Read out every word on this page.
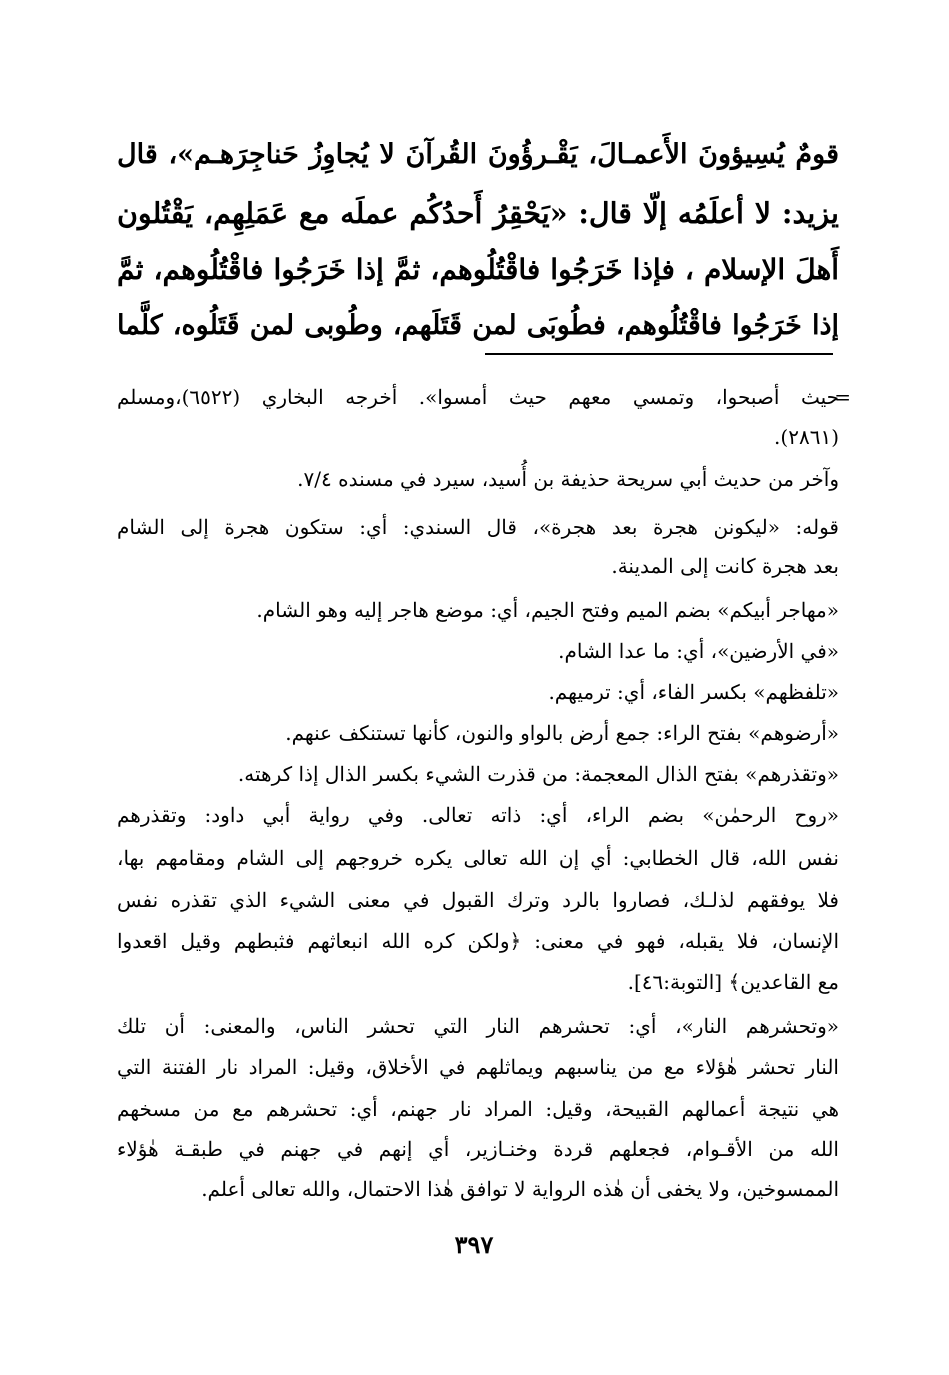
قومٌ يُسِيؤونَ الأَعمـالَ، يَقْـرؤُونَ القُرآنَ لا يُجاوِزُ حَناجِرَهـم»، قال
يزيد: لا أعلَمُه إلّا قال: «يَحْقِرُ أَحدُكُم عملَه مع عَمَلِهِم، يَقْتُلون
أَهلَ الإسلام ، فإذا خَرَجُوا فاقْتُلُوهم، ثمَّ إذا خَرَجُوا فاقْتُلُوهم، ثمَّ
إذا خَرَجُوا فاقْتُلُوهم، فطُوبَى لمن قَتَلَهم، وطُوبى لمن قَتَلُوه، كلَّما
=
حيث أصبحوا، وتمسي معهم حيث أمسوا». أخرجه البخاري (٦٥٢٢)،ومسلم
(٢٨٦١).
وآخر من حديث أبي سريحة حذيفة بن أُسيد، سيرد في مسنده ٧/٤.
قوله: «ليكونن هجرة بعد هجرة»، قال السندي: أي: ستكون هجرة إلى الشام
بعد هجرة كانت إلى المدينة.
«مهاجر أبيكم» بضم الميم وفتح الجيم، أي: موضع هاجر إليه وهو الشام.
«في الأرضين»، أي: ما عدا الشام.
«تلفظهم» بكسر الفاء، أي: ترميهم.
«أرضوهم» بفتح الراء: جمع أرض بالواو والنون، كأنها تستنكف عنهم.
«وتقذرهم» بفتح الذال المعجمة: من قذرت الشيء بكسر الذال إذا كرهته.
«روح الرحمٰن» بضم الراء، أي: ذاته تعالى. وفي رواية أبي داود: وتقذرهم
نفس الله، قال الخطابي: أي إن الله تعالى يكره خروجهم إلى الشام ومقامهم بها،
فلا يوفقهم لذلـك، فصاروا بالرد وترك القبول في معنى الشيء الذي تقذره نفس
الإنسان، فلا يقبله، فهو في معنى: ﴿ولكن كره الله انبعاثهم فثبطهم وقيل اقعدوا
مع القاعدين﴾ [التوبة:٤٦].
«وتحشرهم النار»، أي: تحشرهم النار التي تحشر الناس، والمعنى: أن تلك
النار تحشر هٰؤلاء مع من يناسبهم ويماثلهم في الأخلاق، وقيل: المراد نار الفتنة التي
هي نتيجة أعمالهم القبيحة، وقيل: المراد نار جهنم، أي: تحشرهم مع من مسخهم
الله من الأقـوام، فجعلهم قردة وخنـازير، أي إنهم في جهنم في طبقـة هٰؤلاء
الممسوخين، ولا يخفى أن هٰذه الرواية لا توافق هٰذا الاحتمال، والله تعالى أعلم.
٣٩٧
